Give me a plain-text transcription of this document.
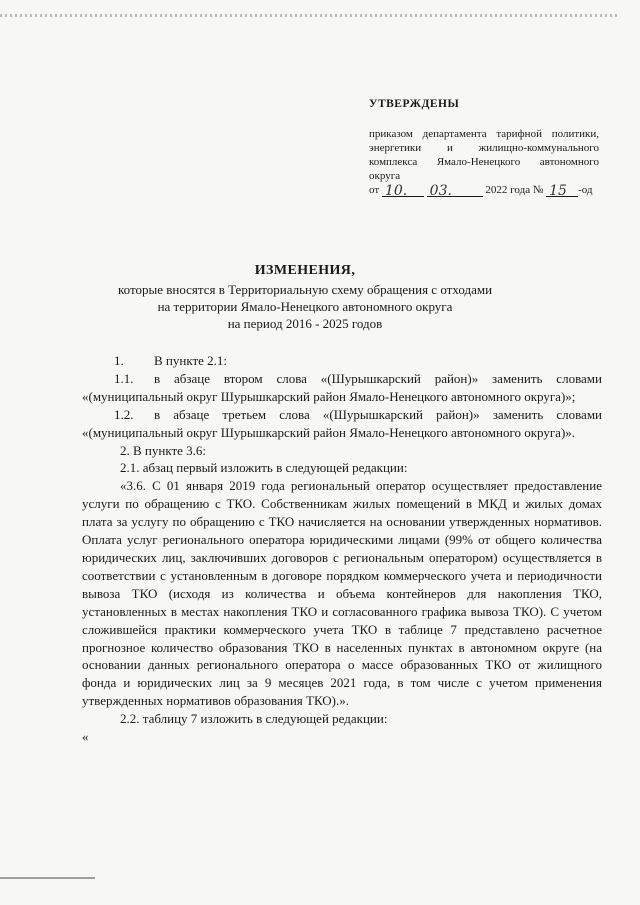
УТВЕРЖДЕНЫ
приказом департамента тарифной политики, энергетики и жилищно-коммунального комплекса Ямало-Ненецкого автономного округа
от 10. 03.	2022 года № 15 -од
ИЗМЕНЕНИЯ,
которые вносятся в Территориальную схему обращения с отходами
на территории Ямало-Ненецкого автономного округа
на период 2016 - 2025 годов

1. В пункте 2.1:

1.1. в абзаце втором слова «(Шурышкарский район)» заменить словами «(муниципальный округ Шурышкарский район Ямало-Ненецкого автономного округа)»;

1.2. в абзаце третьем слова «(Шурышкарский район)» заменить словами «(муниципальный округ Шурышкарский район Ямало-Ненецкого автономного округа)».

2. В пункте 3.6:

2.1. абзац первый изложить в следующей редакции:

«3.6. С 01 января 2019 года региональный оператор осуществляет предоставление услуги по обращению с ТКО. Собственникам жилых помещений в МКД и жилых домах плата за услугу по обращению с ТКО начисляется на основании утвержденных нормативов. Оплата услуг регионального оператора юридическими лицами (99% от общего количества юридических лиц, заключивших договоров с региональным оператором) осуществляется в соответствии с установленным в договоре порядком коммерческого учета и периодичности вывоза ТКО (исходя из количества и объема контейнеров для накопления ТКО, установленных в местах накопления ТКО и согласованного графика вывоза ТКО). С учетом сложившейся практики коммерческого учета ТКО в таблице 7 представлено расчетное прогнозное количество образования ТКО в населенных пунктах в автономном округе (на основании данных регионального оператора о массе образованных ТКО от жилищного фонда и юридических лиц за 9 месяцев 2021 года, в том числе с учетом применения утвержденных нормативов образования ТКО).».

2.2. таблицу 7 изложить в следующей редакции:

«
